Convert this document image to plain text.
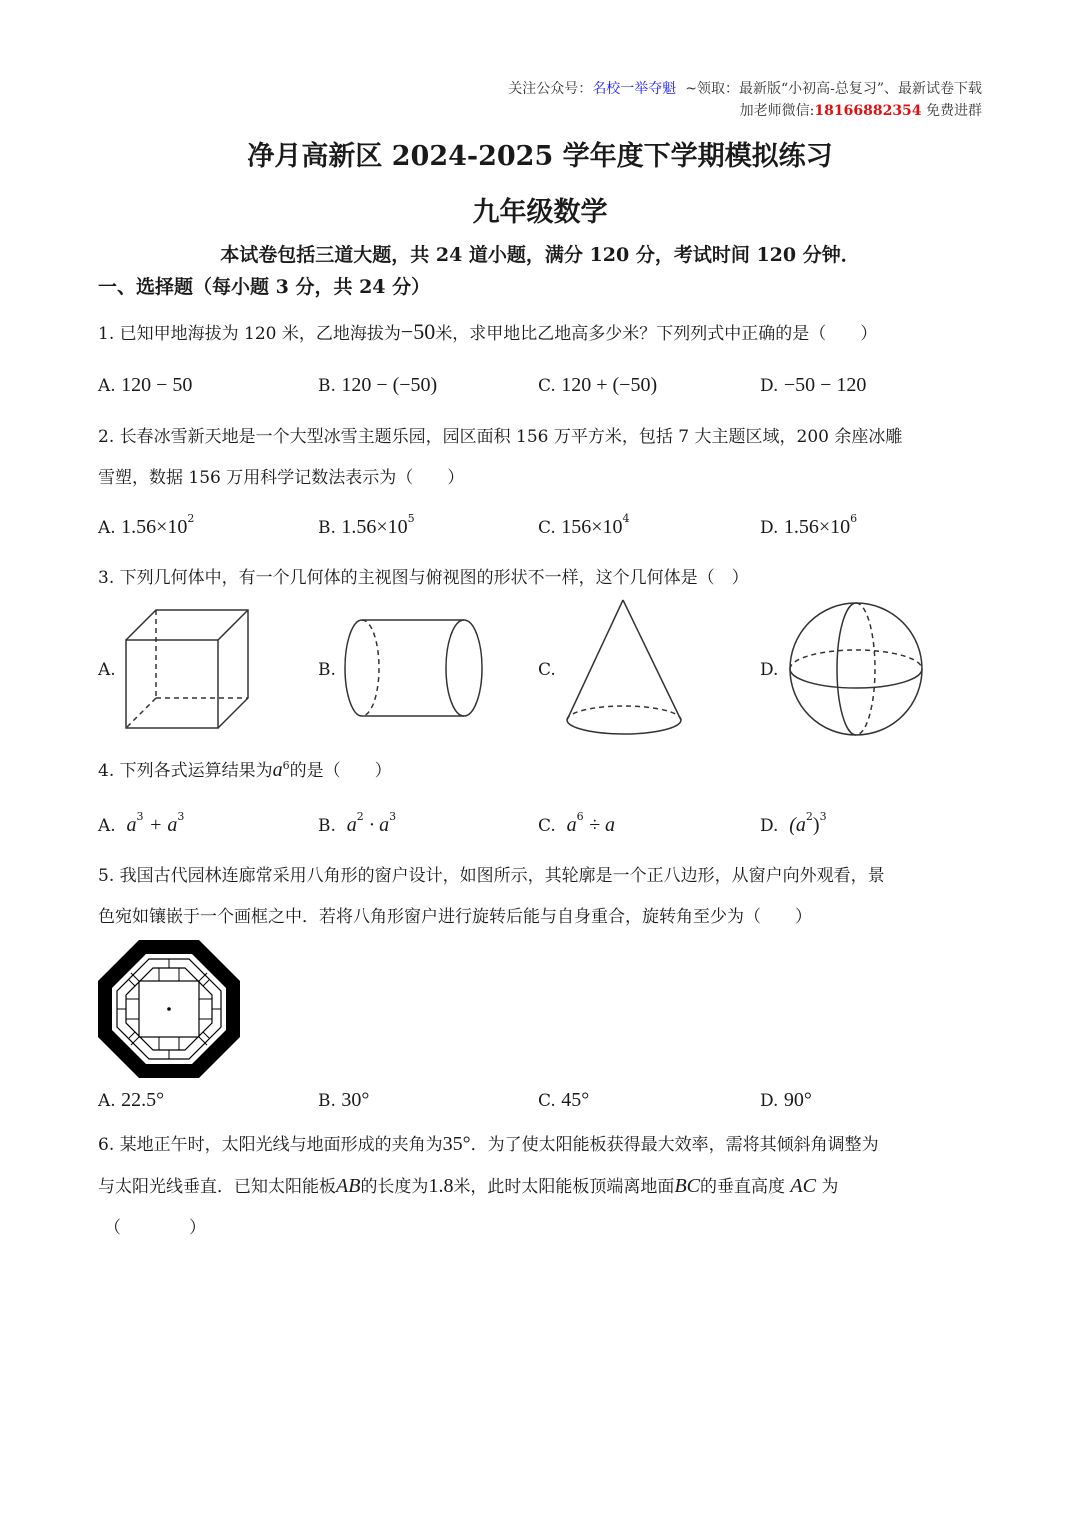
关注公众号：名校一举夺魁 ~领取：最新版“小初高-总复习”、最新试卷下载
加老师微信:18166882354 免费进群
净月高新区 2024-2025 学年度下学期模拟练习
九年级数学
本试卷包括三道大题，共 24 道小题，满分 120 分，考试时间 120 分钟．
一、选择题（每小题 3 分，共 24 分）
1. 已知甲地海拔为 120 米，乙地海拔为−50米，求甲地比乙地高多少米？下列列式中正确的是（　　）
A. 120 − 50	B. 120 − (−50)	C. 120 + (−50)	D. −50 − 120
2. 长春冰雪新天地是一个大型冰雪主题乐园，园区面积 156 万平方米，包括 7 大主题区域，200 余座冰雕
雪塑，数据 156 万用科学记数法表示为（　　）
A. $1.56\times 10^2$	B. $1.56\times 10^5$	C. $156\times 10^4$	D. $1.56\times 10^6$
3. 下列几何体中，有一个几何体的主视图与俯视图的形状不一样，这个几何体是（　）
A.	B.	C.	D.
4. 下列各式运算结果为$a^6$的是（　　）
A. $a^3 + a^3$	B. $a^2 \cdot a^3$	C. $a^6 \div a$	D. $(a^2)^3$
5. 我国古代园林连廊常采用八角形的窗户设计，如图所示，其轮廓是一个正八边形，从窗户向外观看，景
色宛如镶嵌于一个画框之中．若将八角形窗户进行旋转后能与自身重合，旋转角至少为（　　）
A. 22.5°	B. 30°	C. 45°	D. 90°
6. 某地正午时，太阳光线与地面形成的夹角为35°．为了使太阳能板获得最大效率，需将其倾斜角调整为
与太阳光线垂直．已知太阳能板AB的长度为1.8米，此时太阳能板顶端离地面BC的垂直高度 AC 为
（　　　　）
